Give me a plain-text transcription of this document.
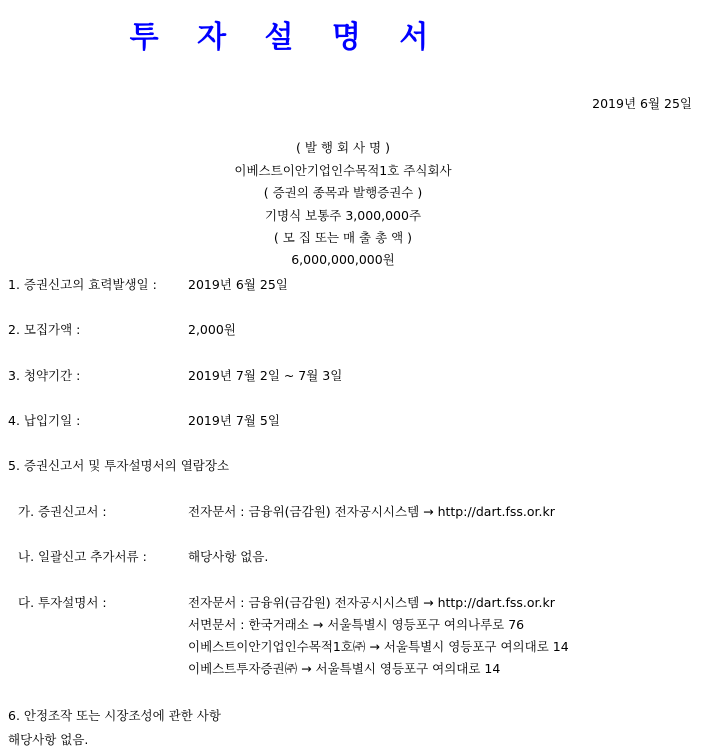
투 자 설 명 서
2019년 6월 25일
( 발 행 회 사 명 )
이베스트이안기업인수목적1호 주식회사
( 증권의 종목과 발행증권수 )
기명식 보통주 3,000,000주
( 모 집 또는 매 출 총 액 )
6,000,000,000원
1. 증권신고의 효력발생일 : 2019년 6월 25일
2. 모집가액 :	2,000원
3. 청약기간 :	2019년 7월 2일 ~ 7월 3일
4. 납입기일 :	2019년 7월 5일
5. 증권신고서 및 투자설명서의 열람장소
가. 증권신고서 :	전자문서 : 금융위(금감원) 전자공시시스템 → http://dart.fss.or.kr
나. 일괄신고 추가서류 :	해당사항 없음.
다. 투자설명서 :	전자문서 : 금융위(금감원) 전자공시시스템 → http://dart.fss.or.kr
서면문서 : 한국거래소 → 서울특별시 영등포구 여의나루로 76
이베스트이안기업인수목적1호㈜ → 서울특별시 영등포구 여의대로 14
이베스트투자증권㈜ → 서울특별시 영등포구 여의대로 14
6. 안정조작 또는 시장조성에 관한 사항
해당사항 없음.
